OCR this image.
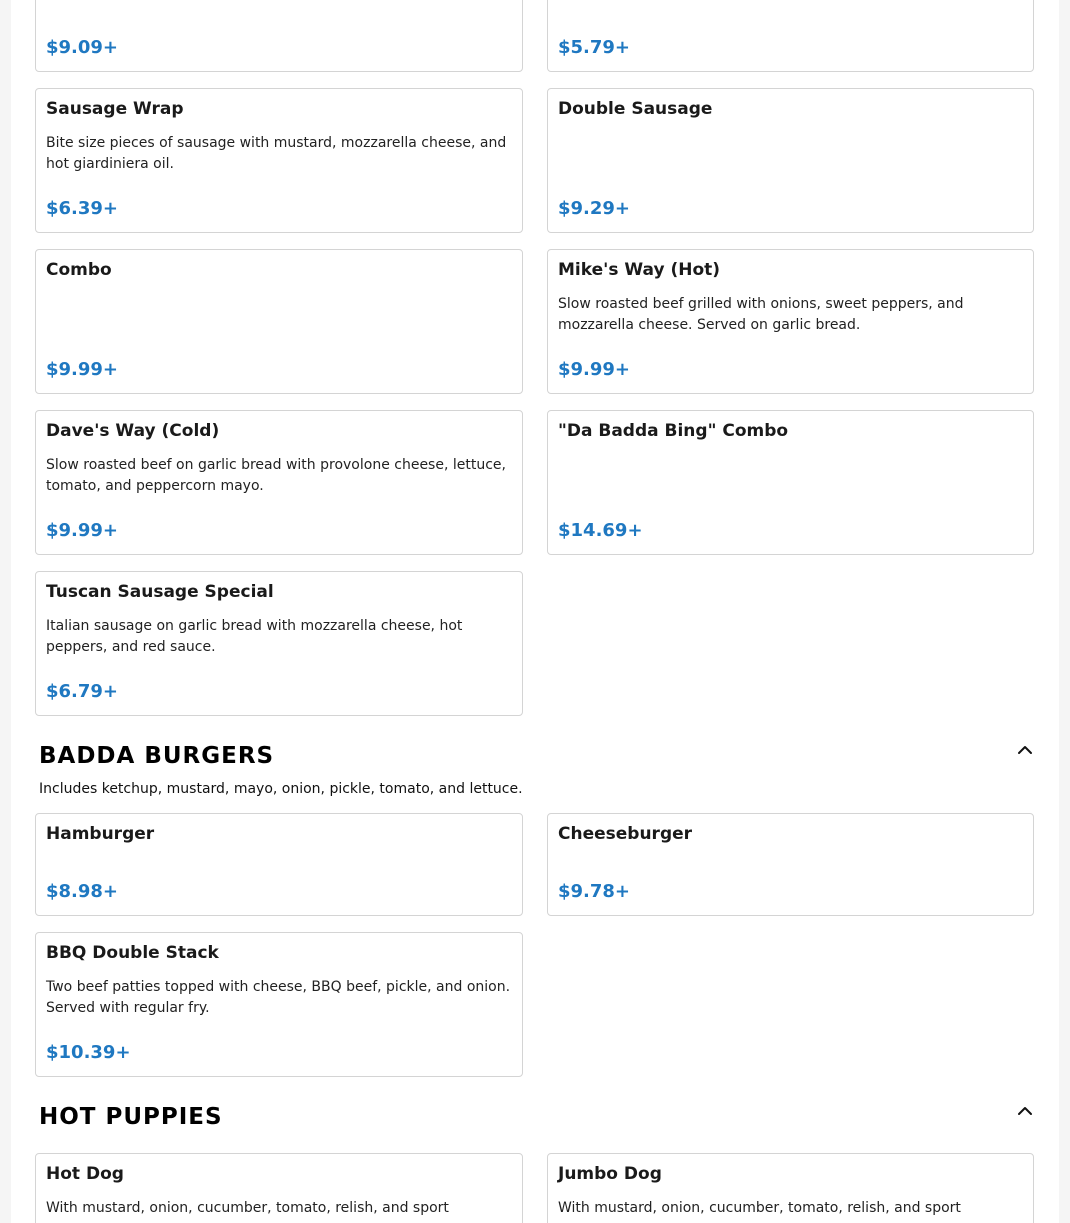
$9.09+	$5.79+
Sausage Wrap
Bite size pieces of sausage with mustard, mozzarella cheese, and hot giardiniera oil.
$6.39+
Double Sausage
$9.29+
Combo
$9.99+
Mike's Way (Hot)
Slow roasted beef grilled with onions, sweet peppers, and mozzarella cheese. Served on garlic bread.
$9.99+
Dave's Way (Cold)
Slow roasted beef on garlic bread with provolone cheese, lettuce, tomato, and peppercorn mayo.
$9.99+
"Da Badda Bing" Combo
$14.69+
Tuscan Sausage Special
Italian sausage on garlic bread with mozzarella cheese, hot peppers, and red sauce.
$6.79+
BADDA BURGERS
Includes ketchup, mustard, mayo, onion, pickle, tomato, and lettuce.
Hamburger
$8.98+
Cheeseburger
$9.78+
BBQ Double Stack
Two beef patties topped with cheese, BBQ beef, pickle, and onion. Served with regular fry.
$10.39+
HOT PUPPIES
Hot Dog
With mustard, onion, cucumber, tomato, relish, and sport
Jumbo Dog
With mustard, onion, cucumber, tomato, relish, and sport
